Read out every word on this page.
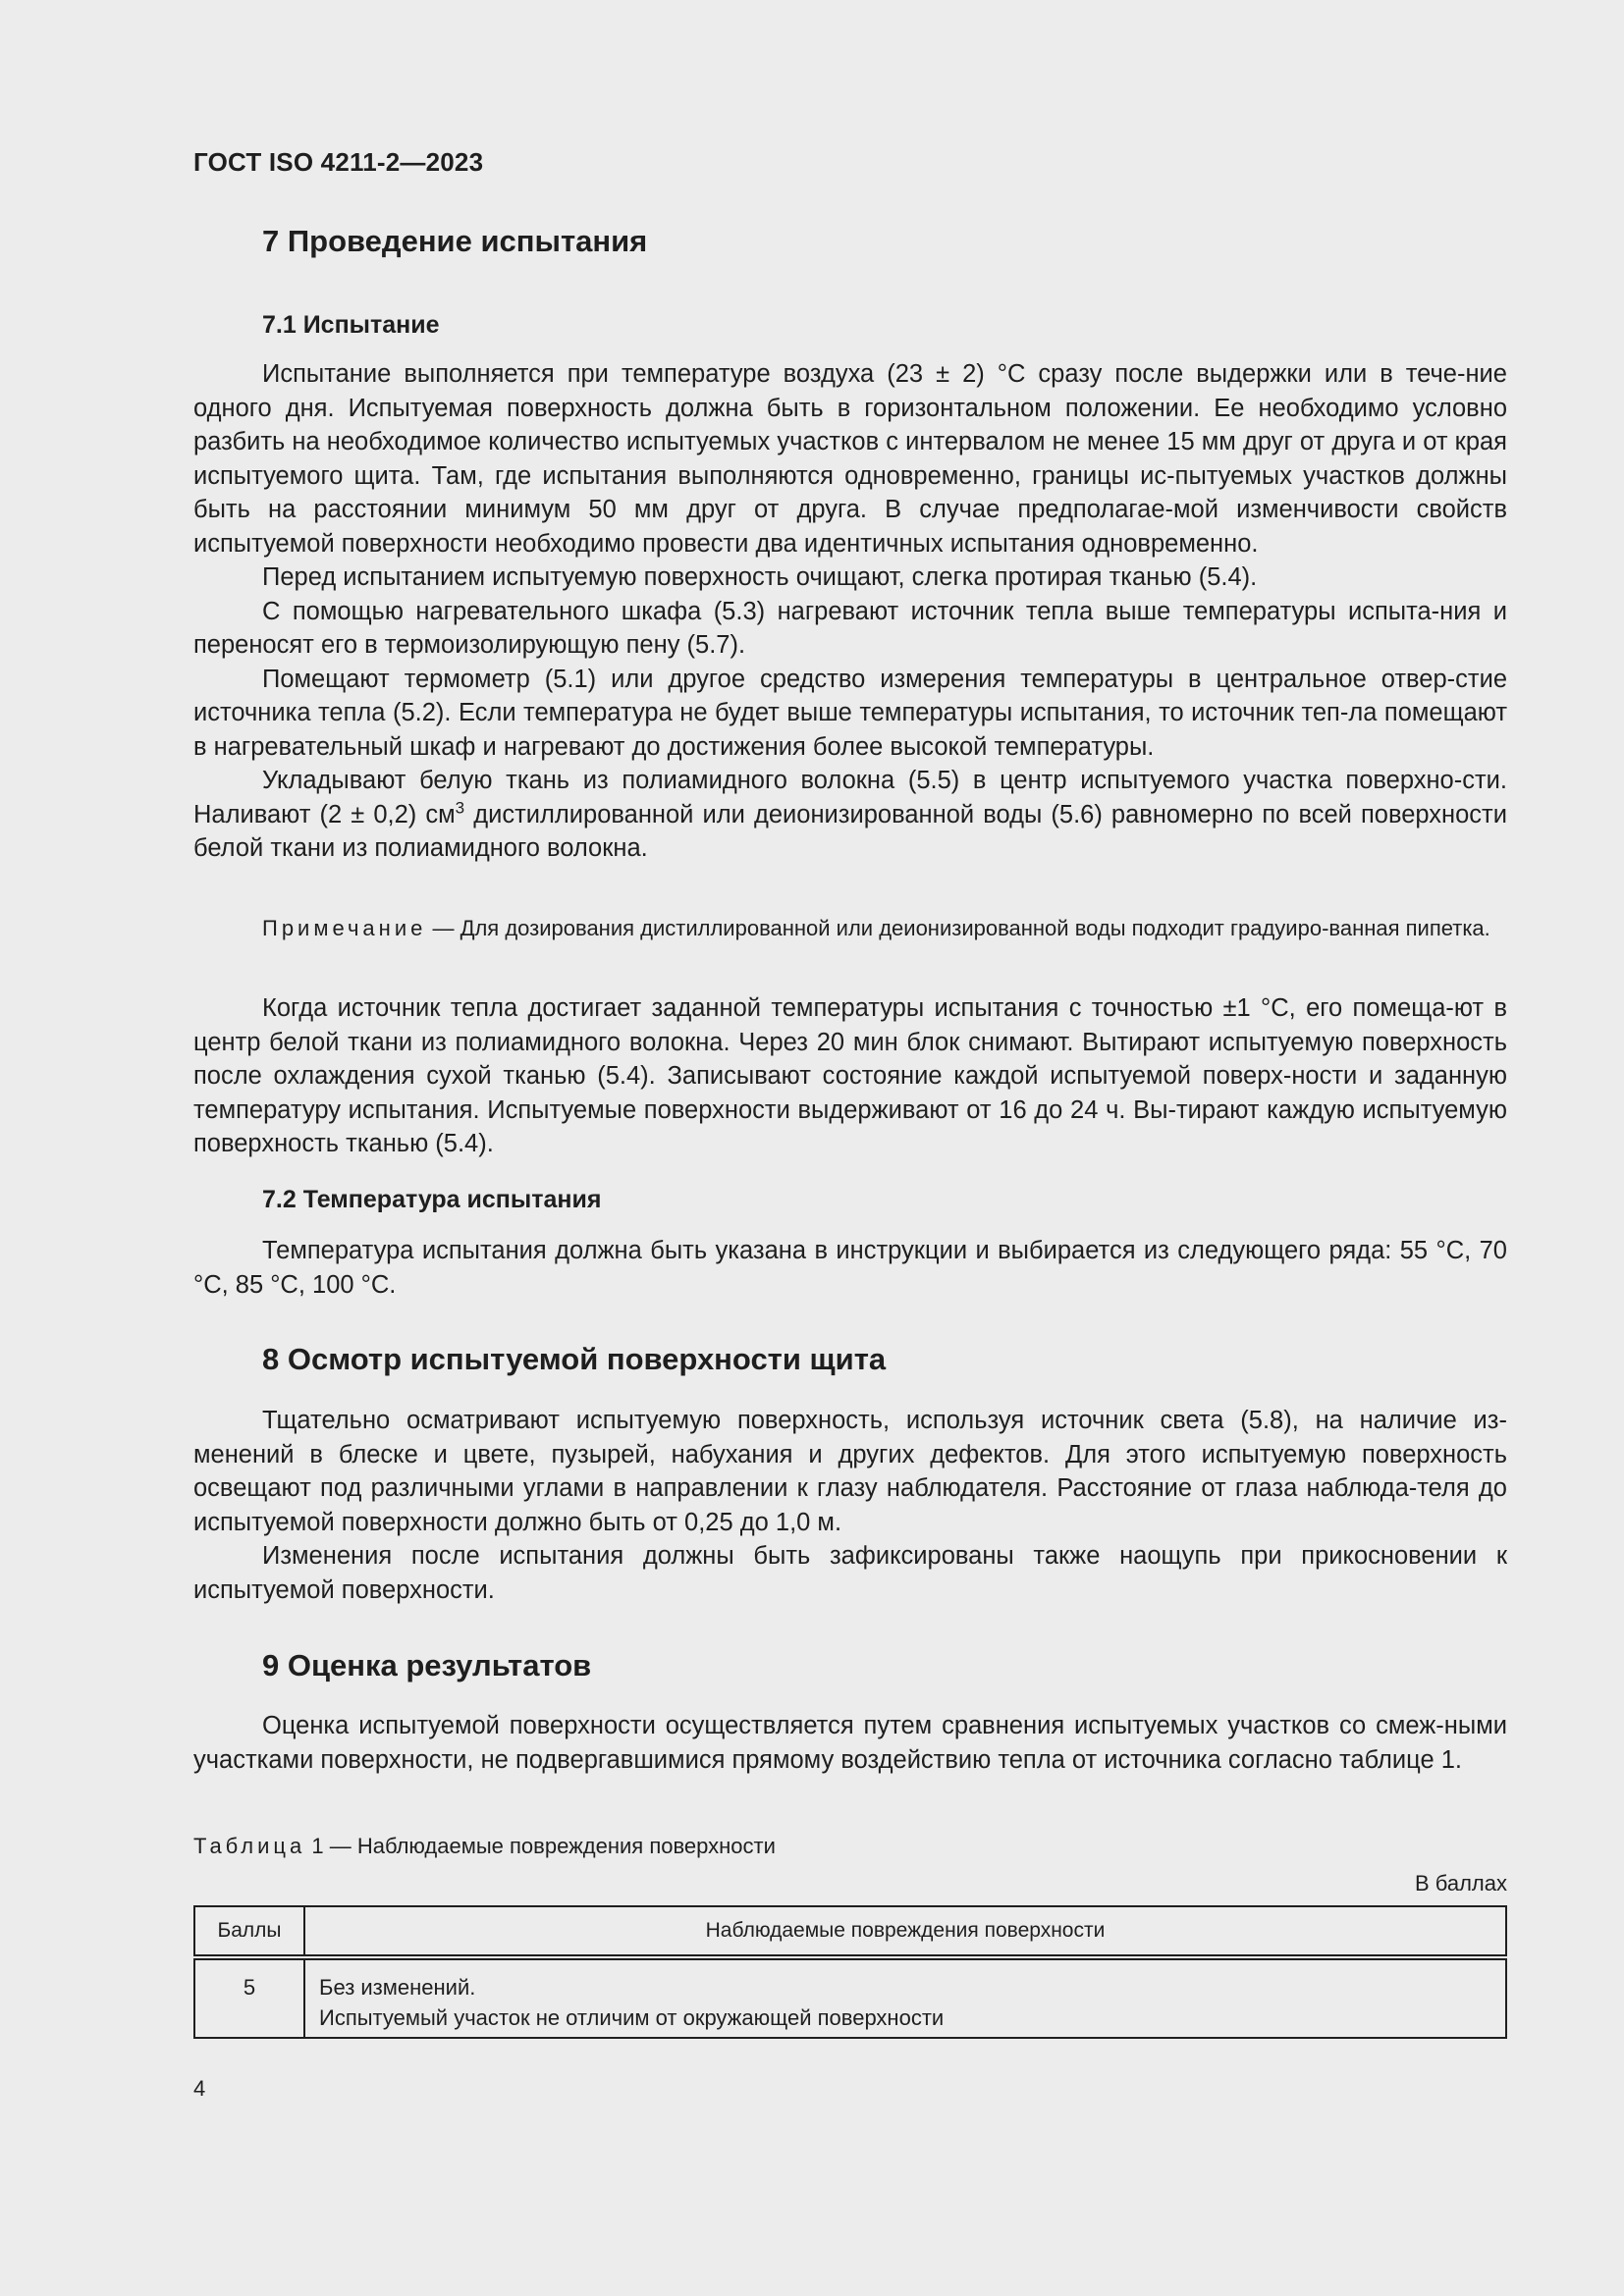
ГОСТ ISO 4211-2—2023
7 Проведение испытания
7.1 Испытание

Испытание выполняется при температуре воздуха (23 ± 2) °С сразу после выдержки или в тече-ние одного дня. Испытуемая поверхность должна быть в горизонтальном положении. Ее необходимо условно разбить на необходимое количество испытуемых участков с интервалом не менее 15 мм друг от друга и от края испытуемого щита. Там, где испытания выполняются одновременно, границы ис-пытуемых участков должны быть на расстоянии минимум 50 мм друг от друга. В случае предполагае-мой изменчивости свойств испытуемой поверхности необходимо провести два идентичных испытания одновременно.

Перед испытанием испытуемую поверхность очищают, слегка протирая тканью (5.4).

С помощью нагревательного шкафа (5.3) нагревают источник тепла выше температуры испыта-ния и переносят его в термоизолирующую пену (5.7).

Помещают термометр (5.1) или другое средство измерения температуры в центральное отвер-стие источника тепла (5.2). Если температура не будет выше температуры испытания, то источник теп-ла помещают в нагревательный шкаф и нагревают до достижения более высокой температуры.

Укладывают белую ткань из полиамидного волокна (5.5) в центр испытуемого участка поверхно-сти. Наливают (2 ± 0,2) $см^3$ дистиллированной или деионизированной воды (5.6) равномерно по всей поверхности белой ткани из полиамидного волокна.

Примечание — Для дозирования дистиллированной или деионизированной воды подходит градуиро-ванная пипетка.

Когда источник тепла достигает заданной температуры испытания с точностью ±1 °С, его помеща-ют в центр белой ткани из полиамидного волокна. Через 20 мин блок снимают. Вытирают испытуемую поверхность после охлаждения сухой тканью (5.4). Записывают состояние каждой испытуемой поверх-ности и заданную температуру испытания. Испытуемые поверхности выдерживают от 16 до 24 ч. Вы-тирают каждую испытуемую поверхность тканью (5.4).

7.2 Температура испытания

Температура испытания должна быть указана в инструкции и выбирается из следующего ряда: 55 °С, 70 °С, 85 °С, 100 °С.

8 Осмотр испытуемой поверхности щита

Тщательно осматривают испытуемую поверхность, используя источник света (5.8), на наличие из-менений в блеске и цвете, пузырей, набухания и других дефектов. Для этого испытуемую поверхность освещают под различными углами в направлении к глазу наблюдателя. Расстояние от глаза наблюда-теля до испытуемой поверхности должно быть от 0,25 до 1,0 м.

Изменения после испытания должны быть зафиксированы также наощупь при прикосновении к испытуемой поверхности.

9 Оценка результатов

Оценка испытуемой поверхности осуществляется путем сравнения испытуемых участков со смеж-ными участками поверхности, не подвергавшимися прямому воздействию тепла от источника согласно таблице 1.

Таблица 1 — Наблюдаемые повреждения поверхности
В баллах
Баллы	Наблюдаемые повреждения поверхности
5	Без изменений.
Испытуемый участок не отличим от окружающей поверхности
4
